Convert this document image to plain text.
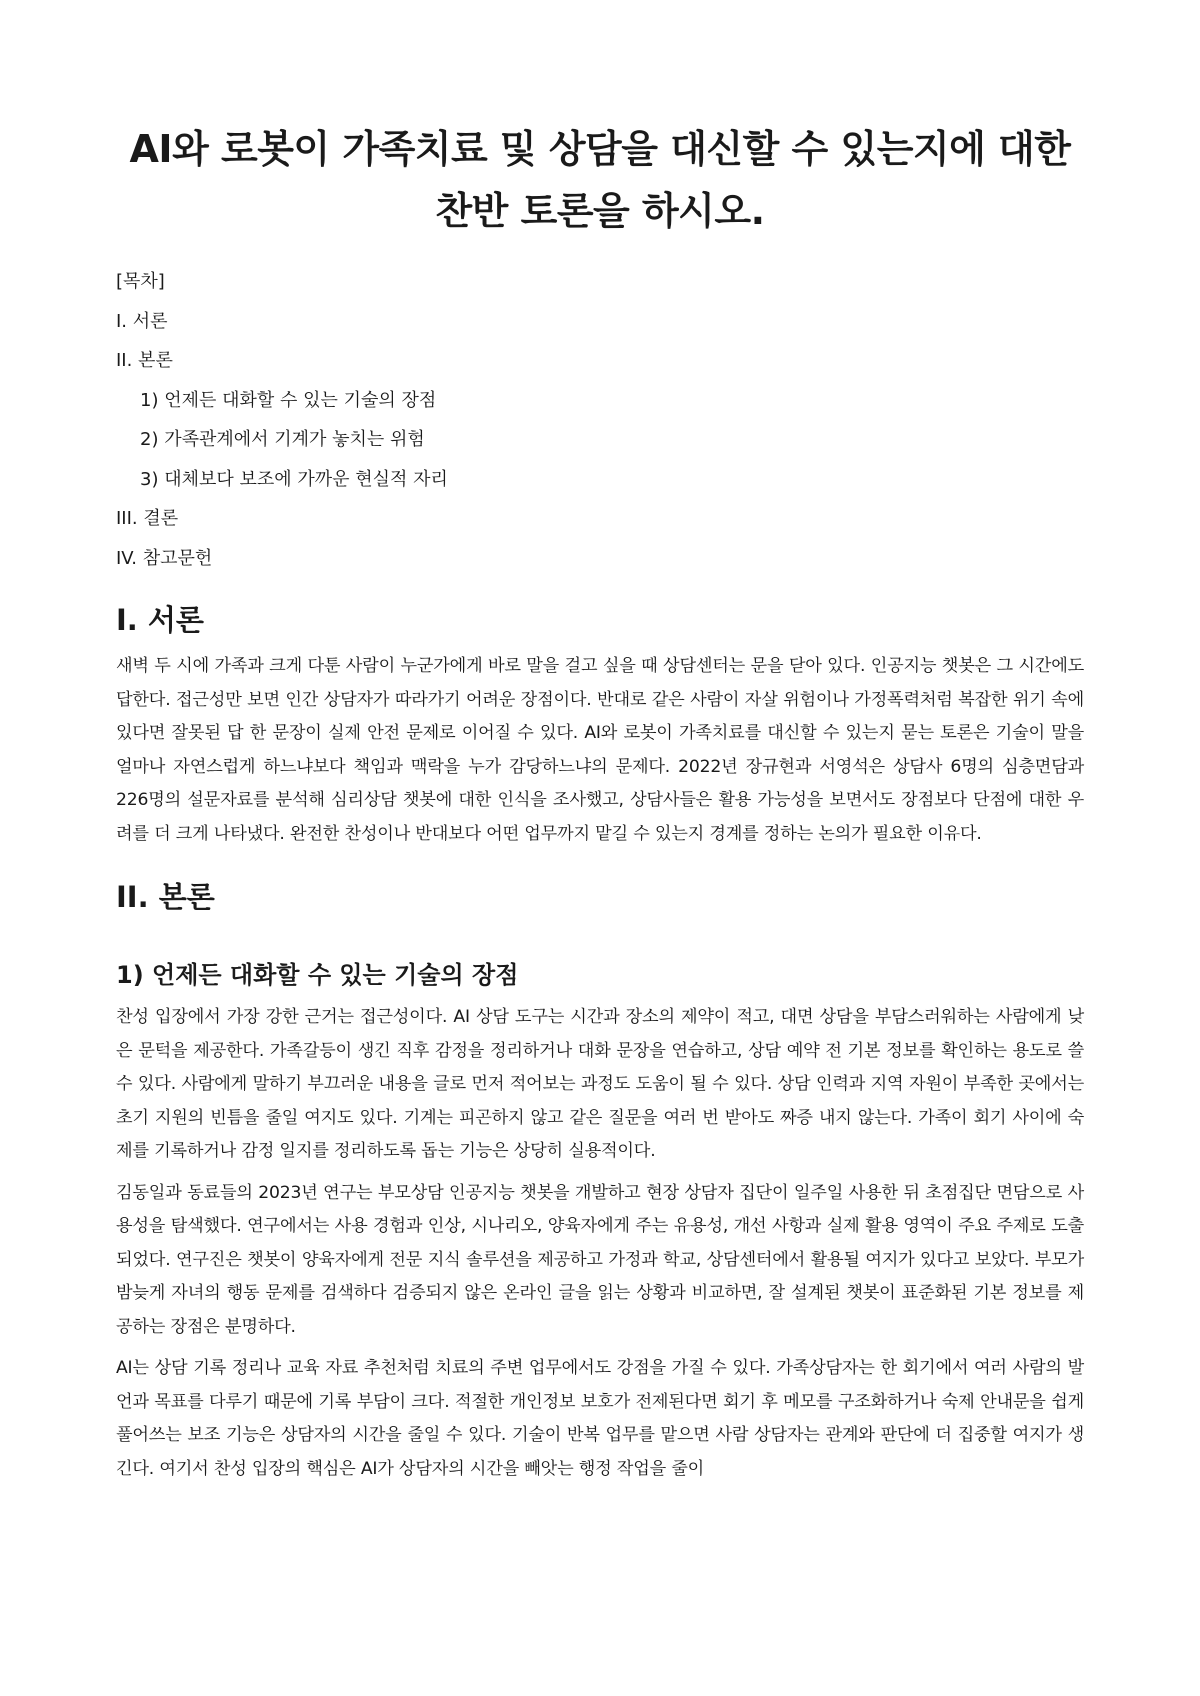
AI와 로봇이 가족치료 및 상담을 대신할 수 있는지에 대한 찬반 토론을 하시오.
[목차]
I. 서론
II. 본론
1) 언제든 대화할 수 있는 기술의 장점
2) 가족관계에서 기계가 놓치는 위험
3) 대체보다 보조에 가까운 현실적 자리
III. 결론
IV. 참고문헌
I. 서론

새벽 두 시에 가족과 크게 다툰 사람이 누군가에게 바로 말을 걸고 싶을 때 상담센터는 문을 닫아 있다. 인공지능 챗봇은 그 시간에도 답한다. 접근성만 보면 인간 상담자가 따라가기 어려운 장점이다. 반대로 같은 사람이 자살 위험이나 가정폭력처럼 복잡한 위기 속에 있다면 잘못된 답 한 문장이 실제 안전 문제로 이어질 수 있다. AI와 로봇이 가족치료를 대신할 수 있는지 묻는 토론은 기술이 말을 얼마나 자연스럽게 하느냐보다 책임과 맥락을 누가 감당하느냐의 문제다. 2022년 장규현과 서영석은 상담사 6명의 심층면담과 226명의 설문자료를 분석해 심리상담 챗봇에 대한 인식을 조사했고, 상담사들은 활용 가능성을 보면서도 장점보다 단점에 대한 우려를 더 크게 나타냈다. 완전한 찬성이나 반대보다 어떤 업무까지 맡길 수 있는지 경계를 정하는 논의가 필요한 이유다.

II. 본론
1) 언제든 대화할 수 있는 기술의 장점

찬성 입장에서 가장 강한 근거는 접근성이다. AI 상담 도구는 시간과 장소의 제약이 적고, 대면 상담을 부담스러워하는 사람에게 낮은 문턱을 제공한다. 가족갈등이 생긴 직후 감정을 정리하거나 대화 문장을 연습하고, 상담 예약 전 기본 정보를 확인하는 용도로 쓸 수 있다. 사람에게 말하기 부끄러운 내용을 글로 먼저 적어보는 과정도 도움이 될 수 있다. 상담 인력과 지역 자원이 부족한 곳에서는 초기 지원의 빈틈을 줄일 여지도 있다. 기계는 피곤하지 않고 같은 질문을 여러 번 받아도 짜증 내지 않는다. 가족이 회기 사이에 숙제를 기록하거나 감정 일지를 정리하도록 돕는 기능은 상당히 실용적이다.

김동일과 동료들의 2023년 연구는 부모상담 인공지능 챗봇을 개발하고 현장 상담자 집단이 일주일 사용한 뒤 초점집단 면담으로 사용성을 탐색했다. 연구에서는 사용 경험과 인상, 시나리오, 양육자에게 주는 유용성, 개선 사항과 실제 활용 영역이 주요 주제로 도출되었다. 연구진은 챗봇이 양육자에게 전문 지식 솔루션을 제공하고 가정과 학교, 상담센터에서 활용될 여지가 있다고 보았다. 부모가 밤늦게 자녀의 행동 문제를 검색하다 검증되지 않은 온라인 글을 읽는 상황과 비교하면, 잘 설계된 챗봇이 표준화된 기본 정보를 제공하는 장점은 분명하다.

AI는 상담 기록 정리나 교육 자료 추천처럼 치료의 주변 업무에서도 강점을 가질 수 있다. 가족상담자는 한 회기에서 여러 사람의 발언과 목표를 다루기 때문에 기록 부담이 크다. 적절한 개인정보 보호가 전제된다면 회기 후 메모를 구조화하거나 숙제 안내문을 쉽게 풀어쓰는 보조 기능은 상담자의 시간을 줄일 수 있다. 기술이 반복 업무를 맡으면 사람 상담자는 관계와 판단에 더 집중할 여지가 생긴다. 여기서 찬성 입장의 핵심은 AI가 상담자의 시간을 빼앗는 행정 작업을 줄이
